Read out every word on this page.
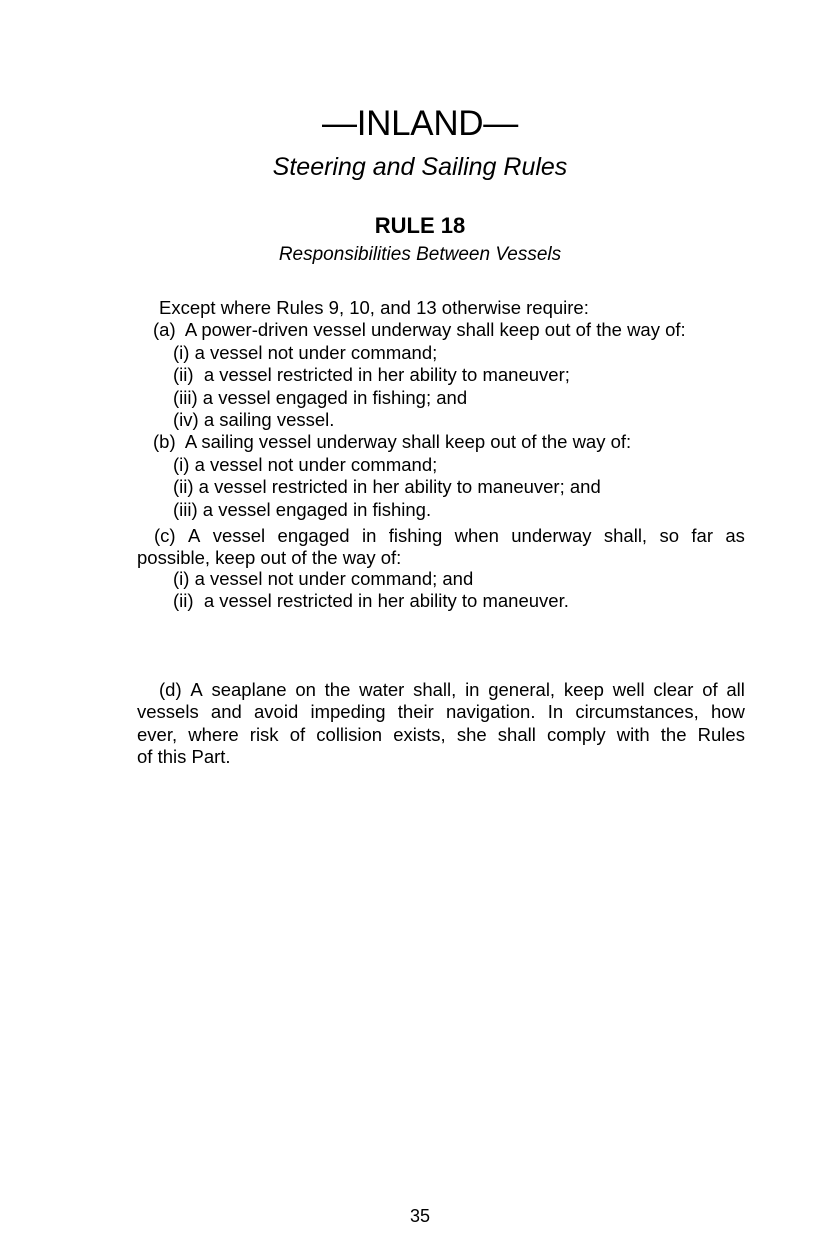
—INLAND—
Steering and Sailing Rules
RULE 18
Responsibilities Between Vessels
Except where Rules 9, 10, and 13 otherwise require:
(a)  A power-driven vessel underway shall keep out of the way of:
(i) a vessel not under command;
(ii)  a vessel restricted in her ability to maneuver;
(iii) a vessel engaged in fishing; and
(iv) a sailing vessel.
(b)  A sailing vessel underway shall keep out of the way of:
(i) a vessel not under command;
(ii) a vessel restricted in her ability to maneuver; and
(iii) a vessel engaged in fishing.
(c) A vessel engaged in fishing when underway shall, so far as
possible, keep out of the way of:
(i) a vessel not under command; and
(ii)  a vessel restricted in her ability to maneuver.
(d) A seaplane on the water shall, in general, keep well clear of all
vessels and avoid impeding their navigation. In circumstances, how
ever, where risk of collision exists, she shall comply with the Rules
of this Part.
35
